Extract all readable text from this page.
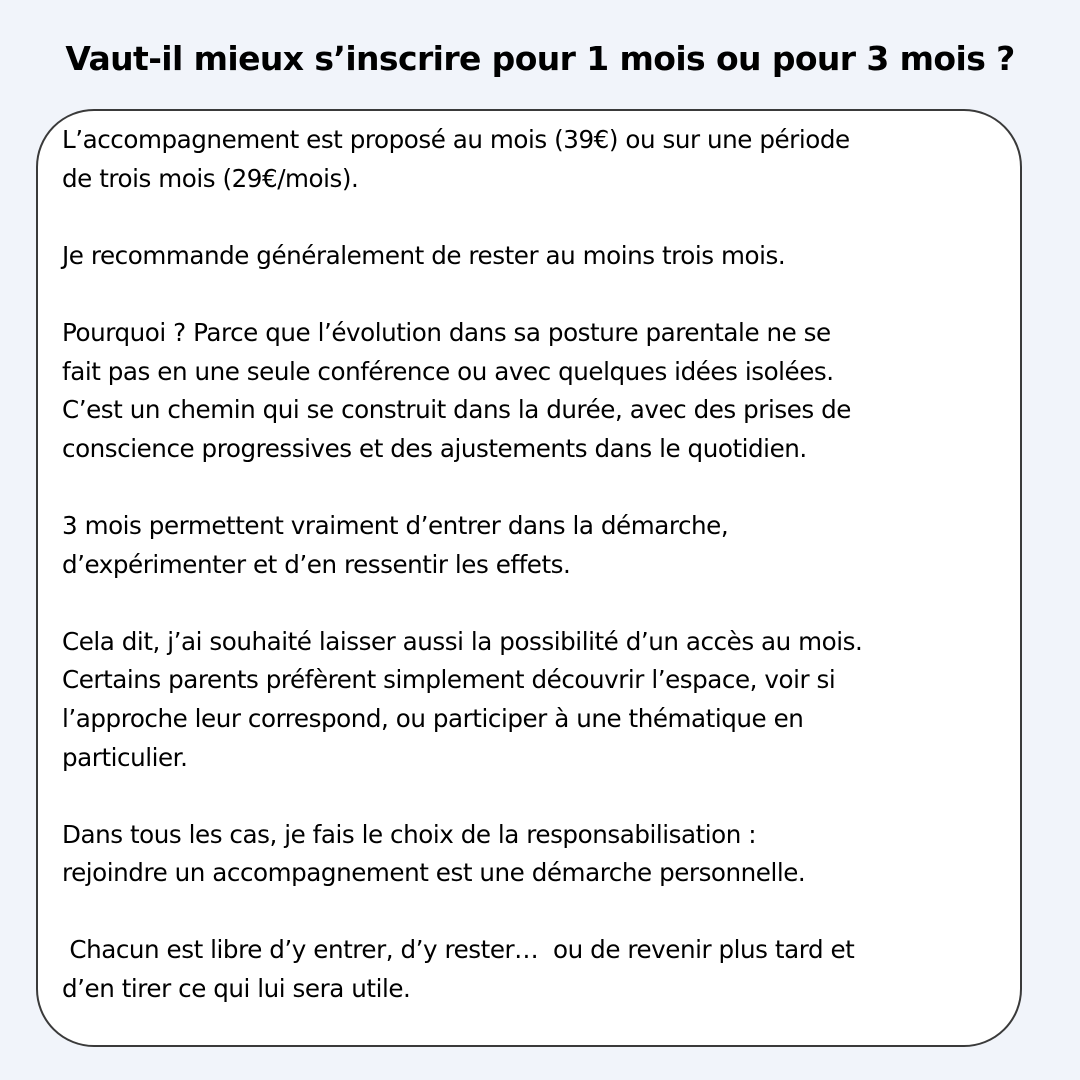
Vaut-il mieux s’inscrire pour 1 mois ou pour 3 mois ?

L’accompagnement est proposé au mois (39€) ou sur une période
de trois mois (29€/mois).

Je recommande généralement de rester au moins trois mois.

Pourquoi ? Parce que l’évolution dans sa posture parentale ne se
fait pas en une seule conférence ou avec quelques idées isolées.
C’est un chemin qui se construit dans la durée, avec des prises de
conscience progressives et des ajustements dans le quotidien.

3 mois permettent vraiment d’entrer dans la démarche,
d’expérimenter et d’en ressentir les effets.

Cela dit, j’ai souhaité laisser aussi la possibilité d’un accès au mois.
Certains parents préfèrent simplement découvrir l’espace, voir si
l’approche leur correspond, ou participer à une thématique en
particulier.

Dans tous les cas, je fais le choix de la responsabilisation :
rejoindre un accompagnement est une démarche personnelle.

Chacun est libre d’y entrer, d’y rester…  ou de revenir plus tard et
d’en tirer ce qui lui sera utile.
